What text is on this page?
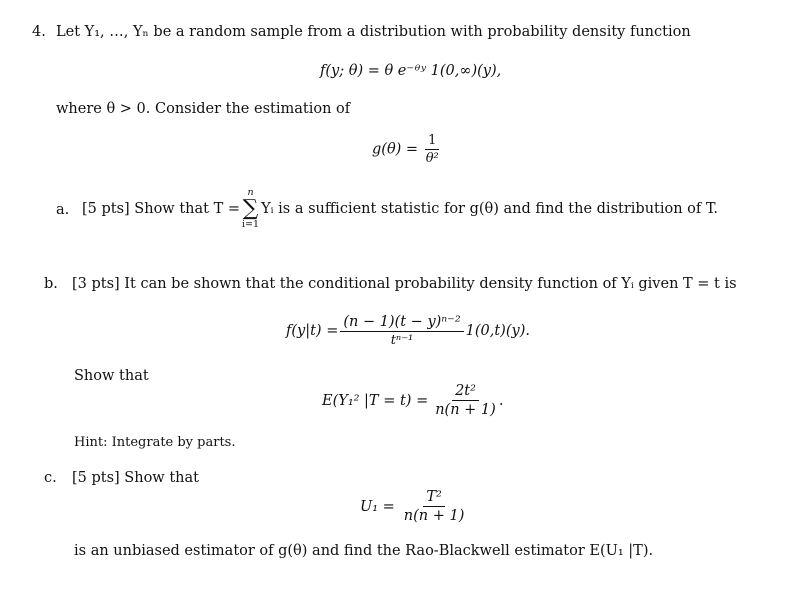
4. Let Y₁, …, Yₙ be a random sample from a distribution with probability density function
f(y; θ) = θ e⁻ᶿʸ 1(0,∞)(y),
where θ > 0. Consider the estimation of
$g(\theta) = \frac{1}{\text{θ²}}$
a. [5 pts] Show that T =
n
∑
i=1
Yᵢ is a sufficient statistic for g(θ) and find the distribution of T.
b. [3 pts] It can be shown that the conditional probability density function of Yᵢ given T = t is
$f(y|t) = \frac{\text{(n − 1)(t − y)ⁿ⁻²}}{\text{tⁿ⁻¹}} 1(0,t)(y)$.
Show that
E(Y₁² $|T = t) = \frac{\text{2t²}}{n(n + 1)}$ .
Hint: Integrate by parts.
c. [5 pts] Show that
$U_1 = \frac{\text{T²}}{n(n + 1)}$
is an unbiased estimator of g(θ) and find the Rao-Blackwell estimator E(U₁ |T).
